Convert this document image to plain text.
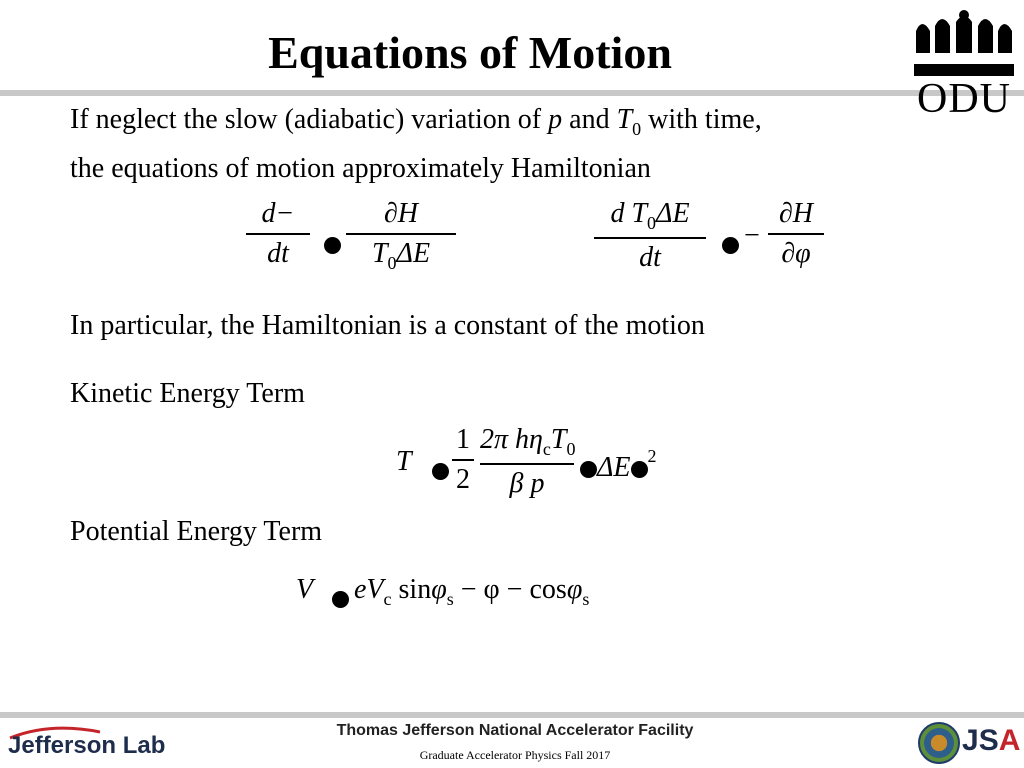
Equations of Motion
ODU
If neglect the slow (adiabatic) variation of p and $T_0$ with time,
the equations of motion approximately Hamiltonian
d−
dt
∂H
$T_0\Delta E$
d $T_0\Delta E$
dt
−
∂H
∂φ
In particular, the Hamiltonian is a constant of the motion
Kinetic Energy Term
T
1
2
2π $h\eta_cT_0$
β p	ΔE $^2$
Potential Energy Term
V $eV_c$ sinφ$_s$ − φ − cosφ$_s$
Jefferson Lab
Thomas Jefferson National Accelerator Facility
Graduate Accelerator Physics Fall 2017	JSA
